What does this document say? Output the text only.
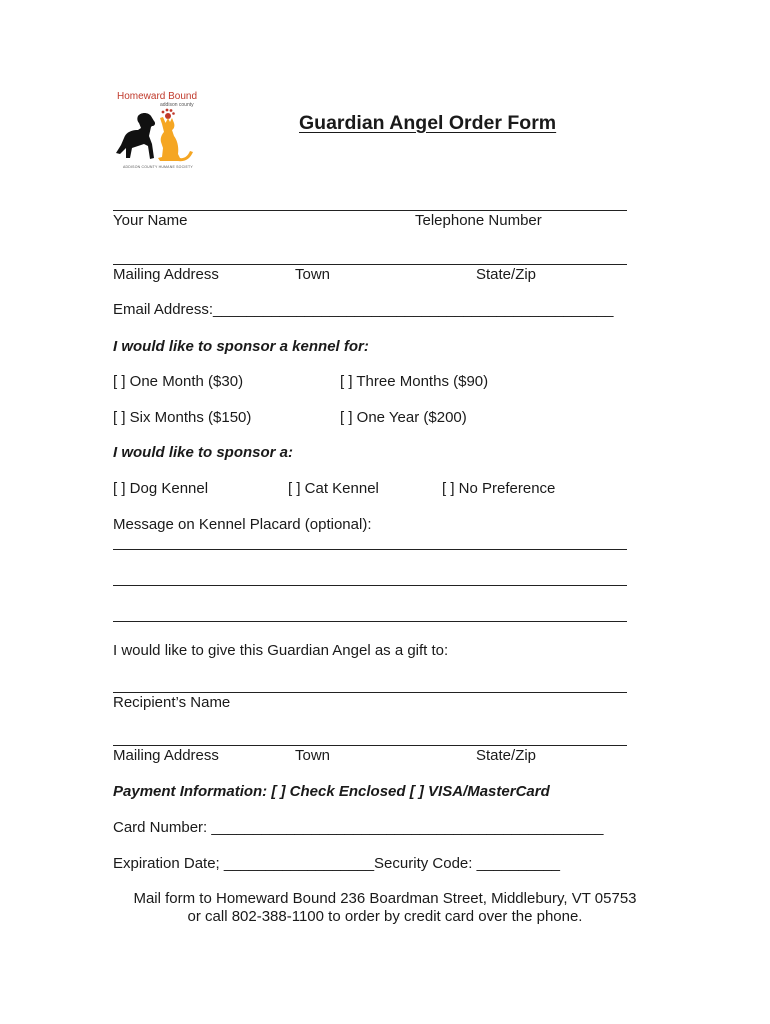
Homeward Bound
addison county
ADDISON COUNTY HUMANE SOCIETY
Guardian Angel Order Form
Your Name	Telephone Number
Mailing Address	Town	State/Zip
Email Address:________________________________________________
I would like to sponsor a kennel for:
[ ] One Month ($30)	[ ] Three Months ($90)
[ ] Six Months ($150)	[ ] One Year ($200)
I would like to sponsor a:
[ ] Dog Kennel	[ ] Cat Kennel	[ ] No Preference
Message on Kennel Placard (optional):
I would like to give this Guardian Angel as a gift to:
Recipient’s Name
Mailing Address	Town	State/Zip
Payment Information: [ ] Check Enclosed [ ] VISA/MasterCard
Card Number: _______________________________________________
Expiration Date; __________________Security Code: __________
Mail form to Homeward Bound 236 Boardman Street, Middlebury, VT 05753
or call 802-388-1100 to order by credit card over the phone.
